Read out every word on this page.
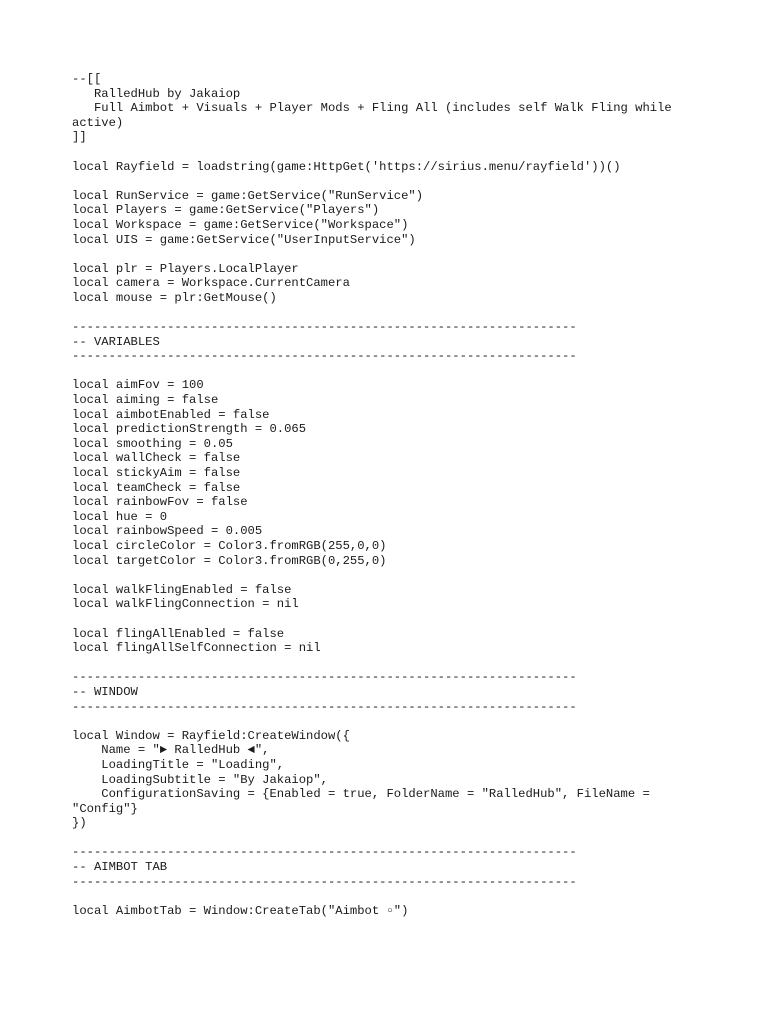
--[[
RalledHub by Jakaiop
Full Aimbot + Visuals + Player Mods + Fling All (includes self Walk Fling while
active)
]]
local Rayfield = loadstring(game:HttpGet('https://sirius.menu/rayfield'))()
local RunService = game:GetService("RunService")
local Players = game:GetService("Players")
local Workspace = game:GetService("Workspace")
local UIS = game:GetService("UserInputService")
local plr = Players.LocalPlayer
local camera = Workspace.CurrentCamera
local mouse = plr:GetMouse()
---------------------------------------------------------------------
-- VARIABLES
---------------------------------------------------------------------
local aimFov = 100
local aiming = false
local aimbotEnabled = false
local predictionStrength = 0.065
local smoothing = 0.05
local wallCheck = false
local stickyAim = false
local teamCheck = false
local rainbowFov = false
local hue = 0
local rainbowSpeed = 0.005
local circleColor = Color3.fromRGB(255,0,0)
local targetColor = Color3.fromRGB(0,255,0)
local walkFlingEnabled = false
local walkFlingConnection = nil
local flingAllEnabled = false
local flingAllSelfConnection = nil
---------------------------------------------------------------------
-- WINDOW
---------------------------------------------------------------------
local Window = Rayfield:CreateWindow({
Name = "► RalledHub ◄",
LoadingTitle = "Loading",
LoadingSubtitle = "By Jakaiop",
ConfigurationSaving = {Enabled = true, FolderName = "RalledHub", FileName =
"Config"}
})
---------------------------------------------------------------------
-- AIMBOT TAB
---------------------------------------------------------------------
local AimbotTab = Window:CreateTab("Aimbot ▫")
